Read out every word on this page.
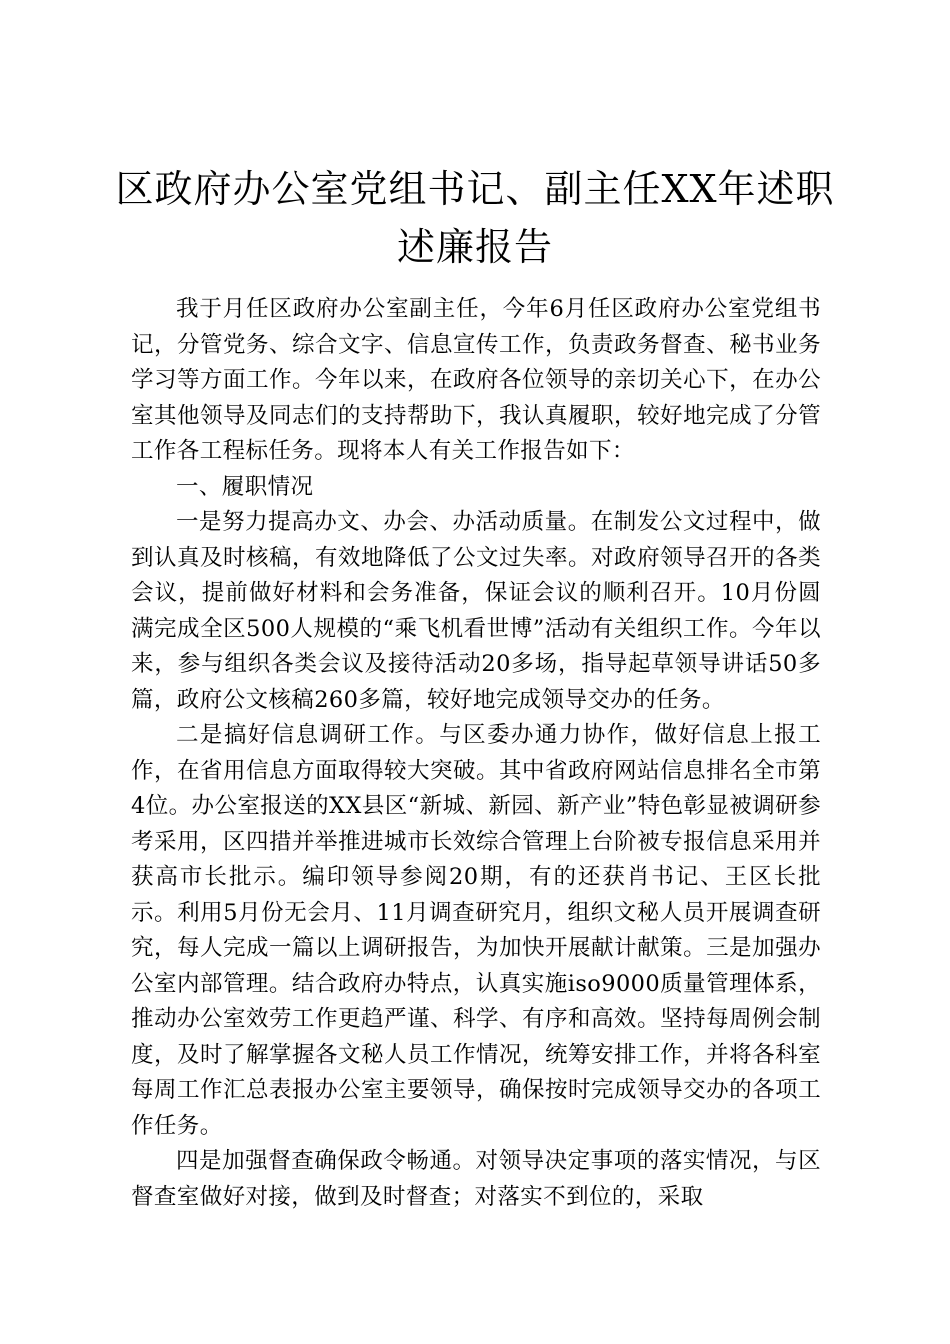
区政府办公室党组书记、副主任XX年述职述廉报告

我于月任区政府办公室副主任，今年6月任区政府办公室党组书记，分管党务、综合文字、信息宣传工作，负责政务督查、秘书业务学习等方面工作。今年以来，在政府各位领导的亲切关心下，在办公室其他领导及同志们的支持帮助下，我认真履职，较好地完成了分管工作各工程标任务。现将本人有关工作报告如下：

一、履职情况

一是努力提高办文、办会、办活动质量。在制发公文过程中，做到认真及时核稿，有效地降低了公文过失率。对政府领导召开的各类会议，提前做好材料和会务准备，保证会议的顺利召开。10月份圆满完成全区500人规模的“乘飞机看世博”活动有关组织工作。今年以来，参与组织各类会议及接待活动20多场，指导起草领导讲话50多篇，政府公文核稿260多篇，较好地完成领导交办的任务。

二是搞好信息调研工作。与区委办通力协作，做好信息上报工作，在省用信息方面取得较大突破。其中省政府网站信息排名全市第4位。办公室报送的XX县区“新城、新园、新产业”特色彰显被调研参考采用，区四措并举推进城市长效综合管理上台阶被专报信息采用并获高市长批示。编印领导参阅20期，有的还获肖书记、王区长批示。利用5月份无会月、11月调查研究月，组织文秘人员开展调查研究，每人完成一篇以上调研报告，为加快开展献计献策。三是加强办公室内部管理。结合政府办特点，认真实施iso9000质量管理体系，推动办公室效劳工作更趋严谨、科学、有序和高效。坚持每周例会制度，及时了解掌握各文秘人员工作情况，统筹安排工作，并将各科室每周工作汇总表报办公室主要领导，确保按时完成领导交办的各项工作任务。

四是加强督查确保政令畅通。对领导决定事项的落实情况，与区督查室做好对接，做到及时督查；对落实不到位的，采取
